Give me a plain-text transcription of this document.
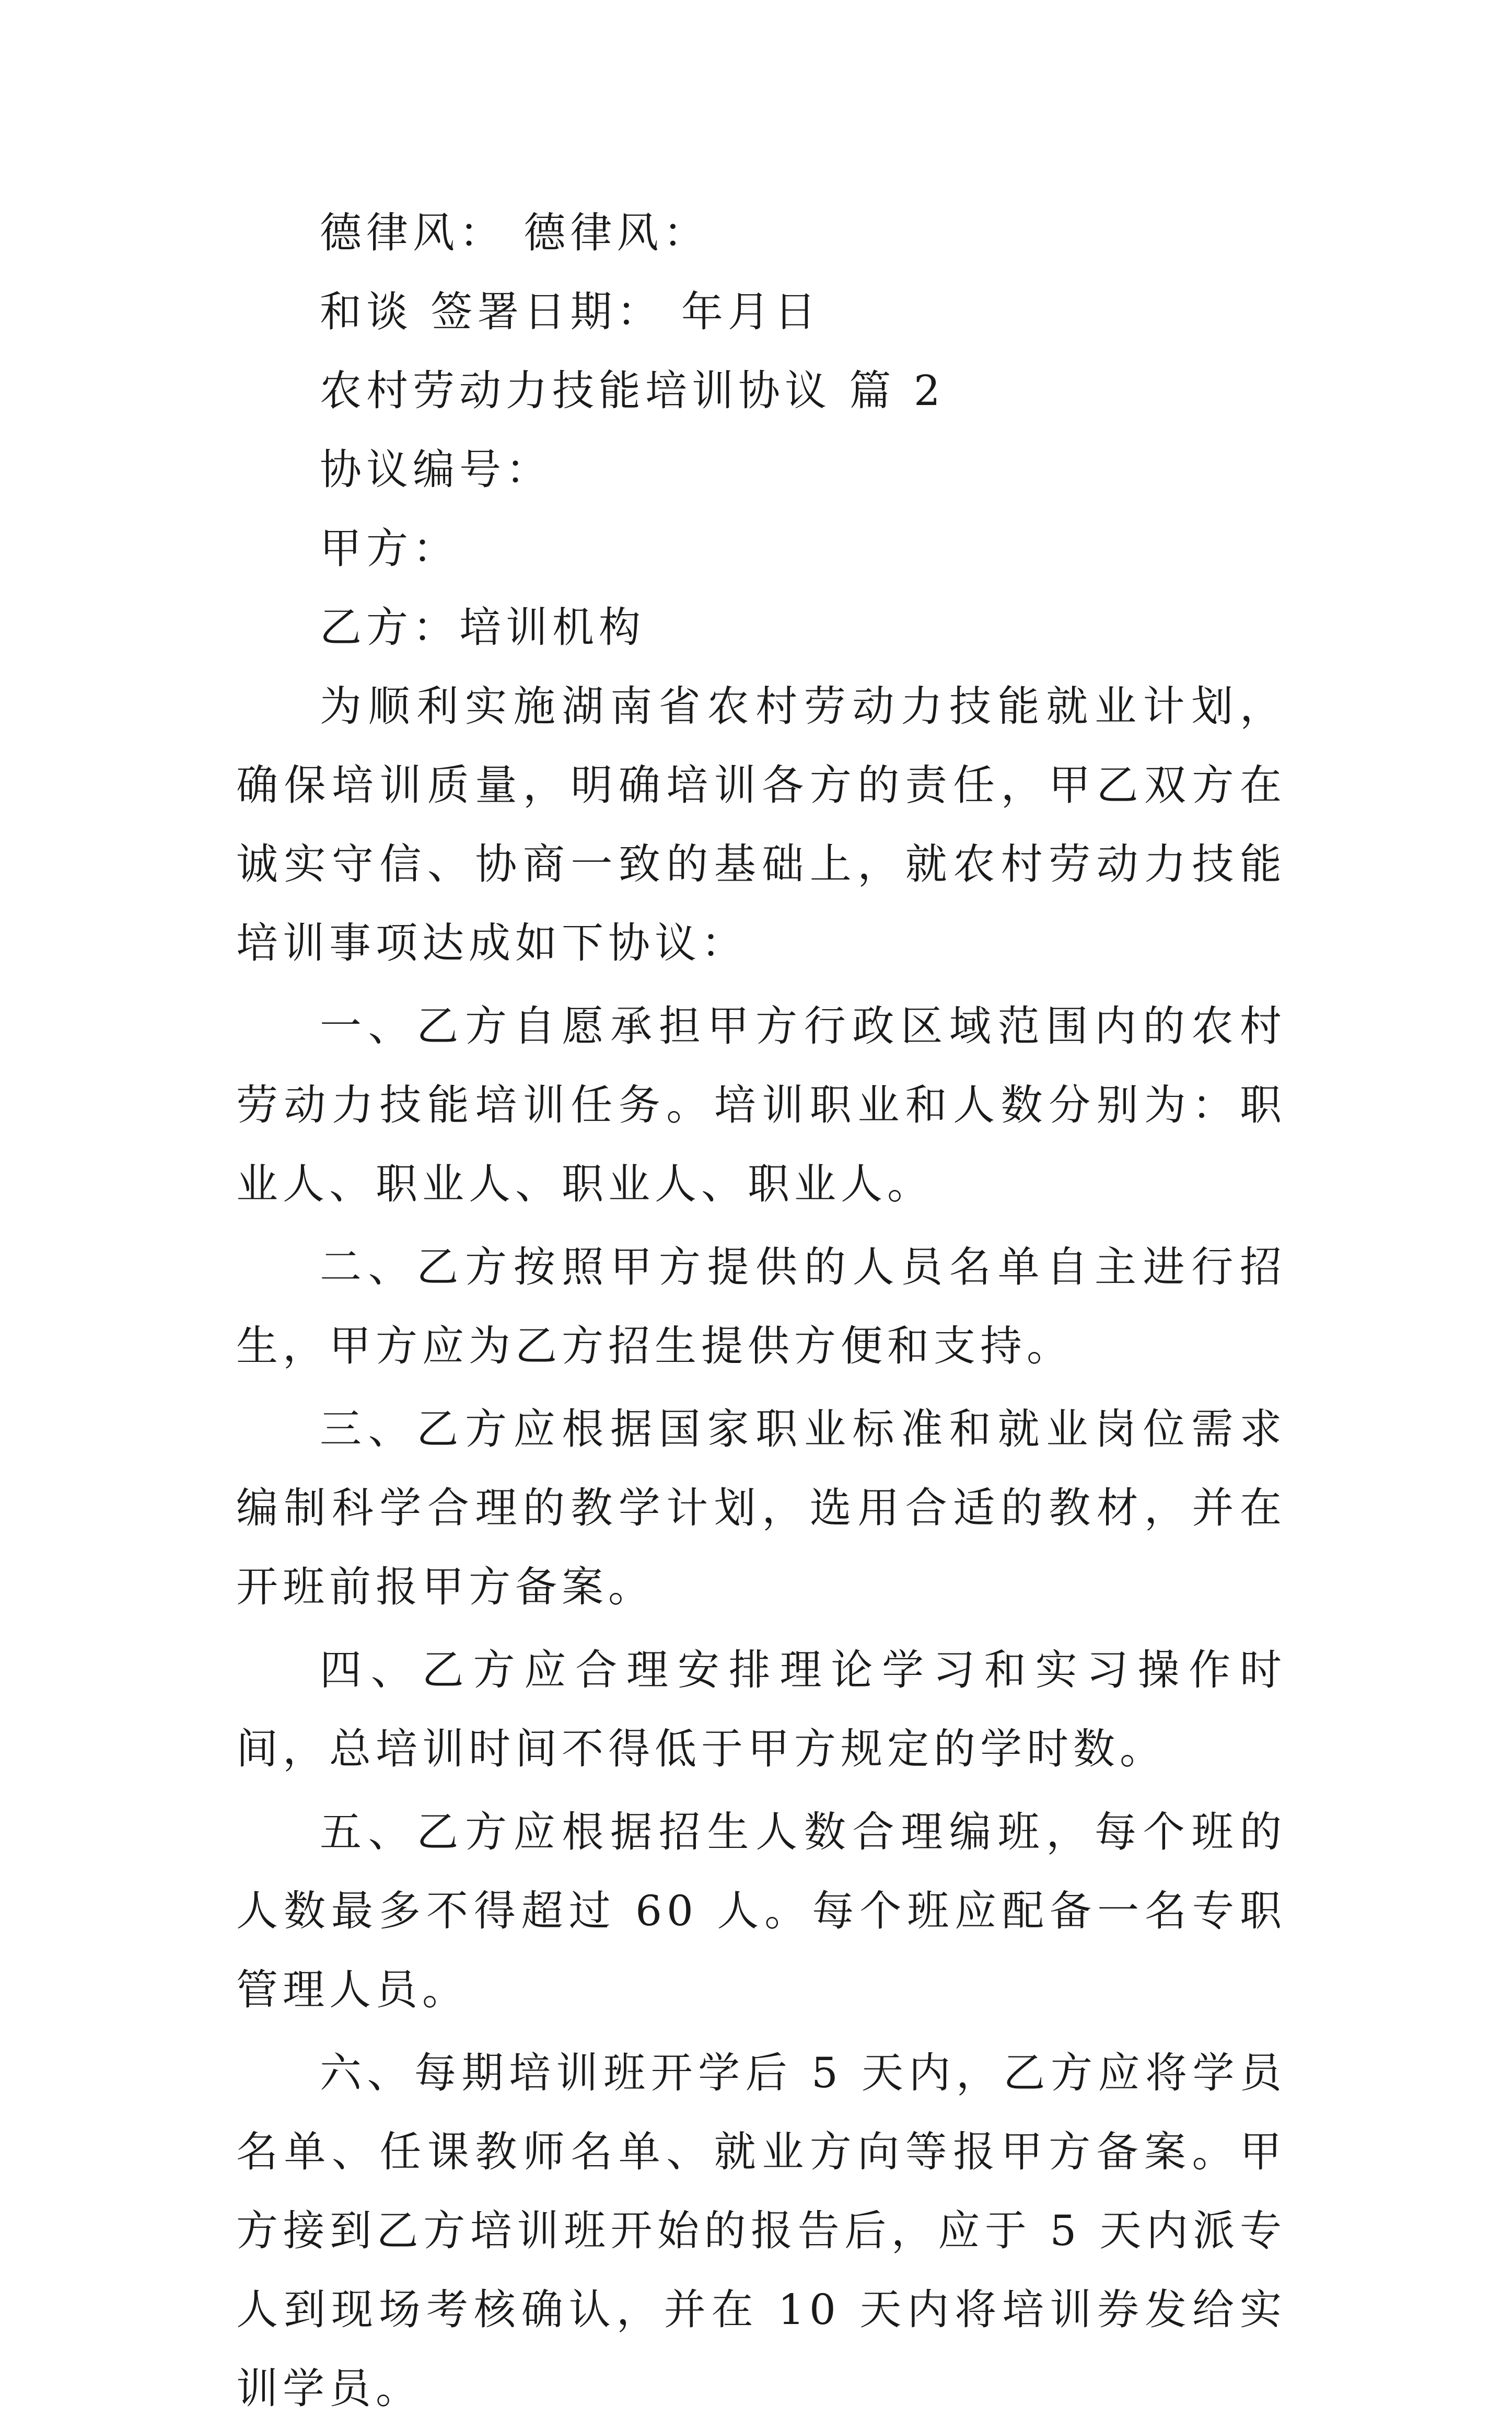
德律风： 德律风：

和谈 签署日期： 年月日

农村劳动力技能培训协议 篇 2

协议编号：

甲方：

乙方：培训机构

为顺利实施湖南省农村劳动力技能就业计划，确保培训质量，明确培训各方的责任，甲乙双方在诚实守信、协商一致的基础上，就农村劳动力技能培训事项达成如下协议：

一、乙方自愿承担甲方行政区域范围内的农村劳动力技能培训任务。培训职业和人数分别为：职业人、职业人、职业人、职业人。

二、乙方按照甲方提供的人员名单自主进行招生，甲方应为乙方招生提供方便和支持。

三、乙方应根据国家职业标准和就业岗位需求编制科学合理的教学计划，选用合适的教材，并在开班前报甲方备案。

四、乙方应合理安排理论学习和实习操作时间，总培训时间不得低于甲方规定的学时数。

五、乙方应根据招生人数合理编班，每个班的人数最多不得超过 60 人。每个班应配备一名专职管理人员。

六、每期培训班开学后 5 天内，乙方应将学员名单、任课教师名单、就业方向等报甲方备案。甲方接到乙方培训班开始的报告后，应于 5 天内派专人到现场考核确认，并在 10 天内将培训券发给实训学员。
